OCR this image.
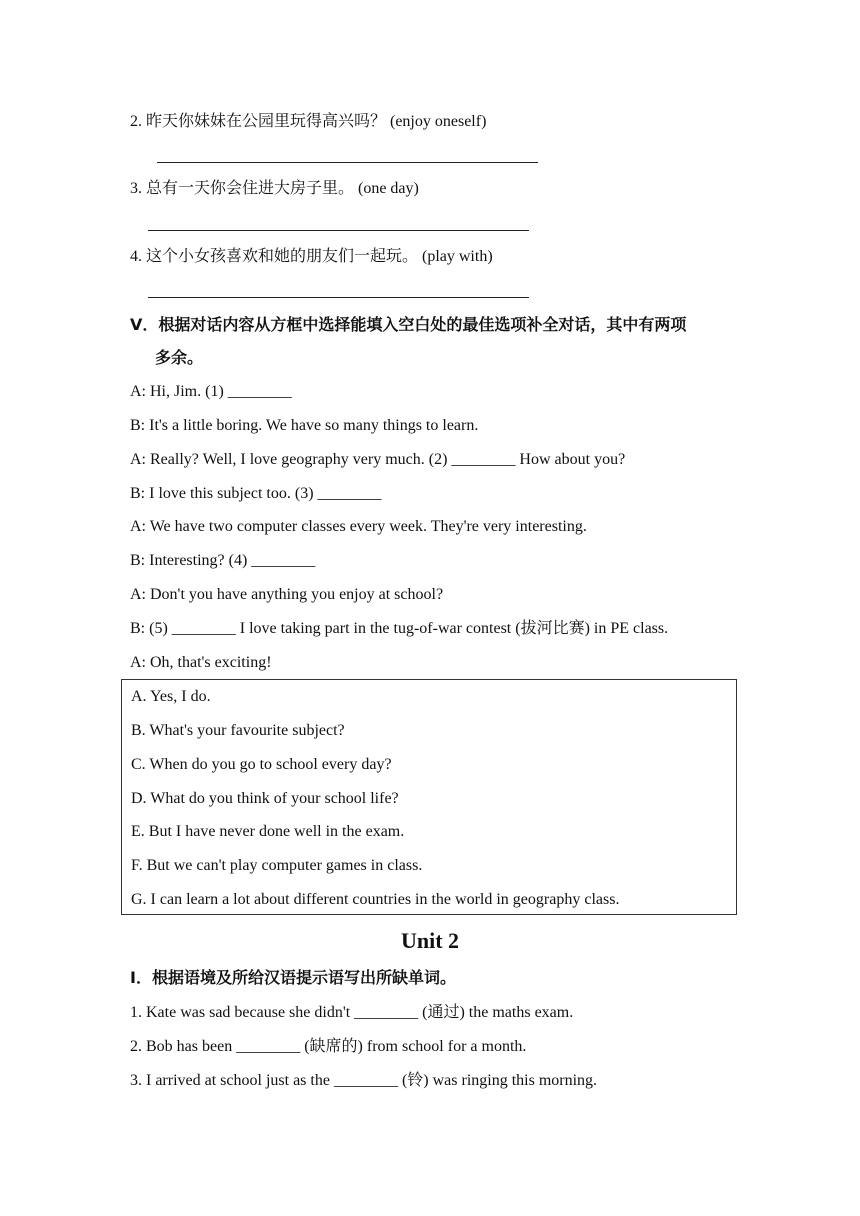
2. 昨天你妹妹在公园里玩得高兴吗？ (enjoy oneself)
3. 总有一天你会住进大房子里。 (one day)
4. 这个小女孩喜欢和她的朋友们一起玩。 (play with)
Ⅴ．根据对话内容从方框中选择能填入空白处的最佳选项补全对话，其中有两项
多余。
A: Hi, Jim. (1) ________
B: It's a little boring. We have so many things to learn.
A: Really? Well, I love geography very much. (2) ________ How about you?
B: I love this subject too. (3) ________
A: We have two computer classes every week. They're very interesting.
B: Interesting? (4) ________
A: Don't you have anything you enjoy at school?
B: (5) ________ I love taking part in the tug-of-war contest (拔河比赛) in PE class.
A: Oh, that's exciting!
A. Yes, I do.
B. What's your favourite subject?
C. When do you go to school every day?
D. What do you think of your school life?
E. But I have never done well in the exam.
F. But we can't play computer games in class.
G. I can learn a lot about different countries in the world in geography class.
Unit 2
Ⅰ．根据语境及所给汉语提示语写出所缺单词。
1. Kate was sad because she didn't ________ (通过) the maths exam.
2. Bob has been ________ (缺席的) from school for a month.
3. I arrived at school just as the ________ (铃) was ringing this morning.
